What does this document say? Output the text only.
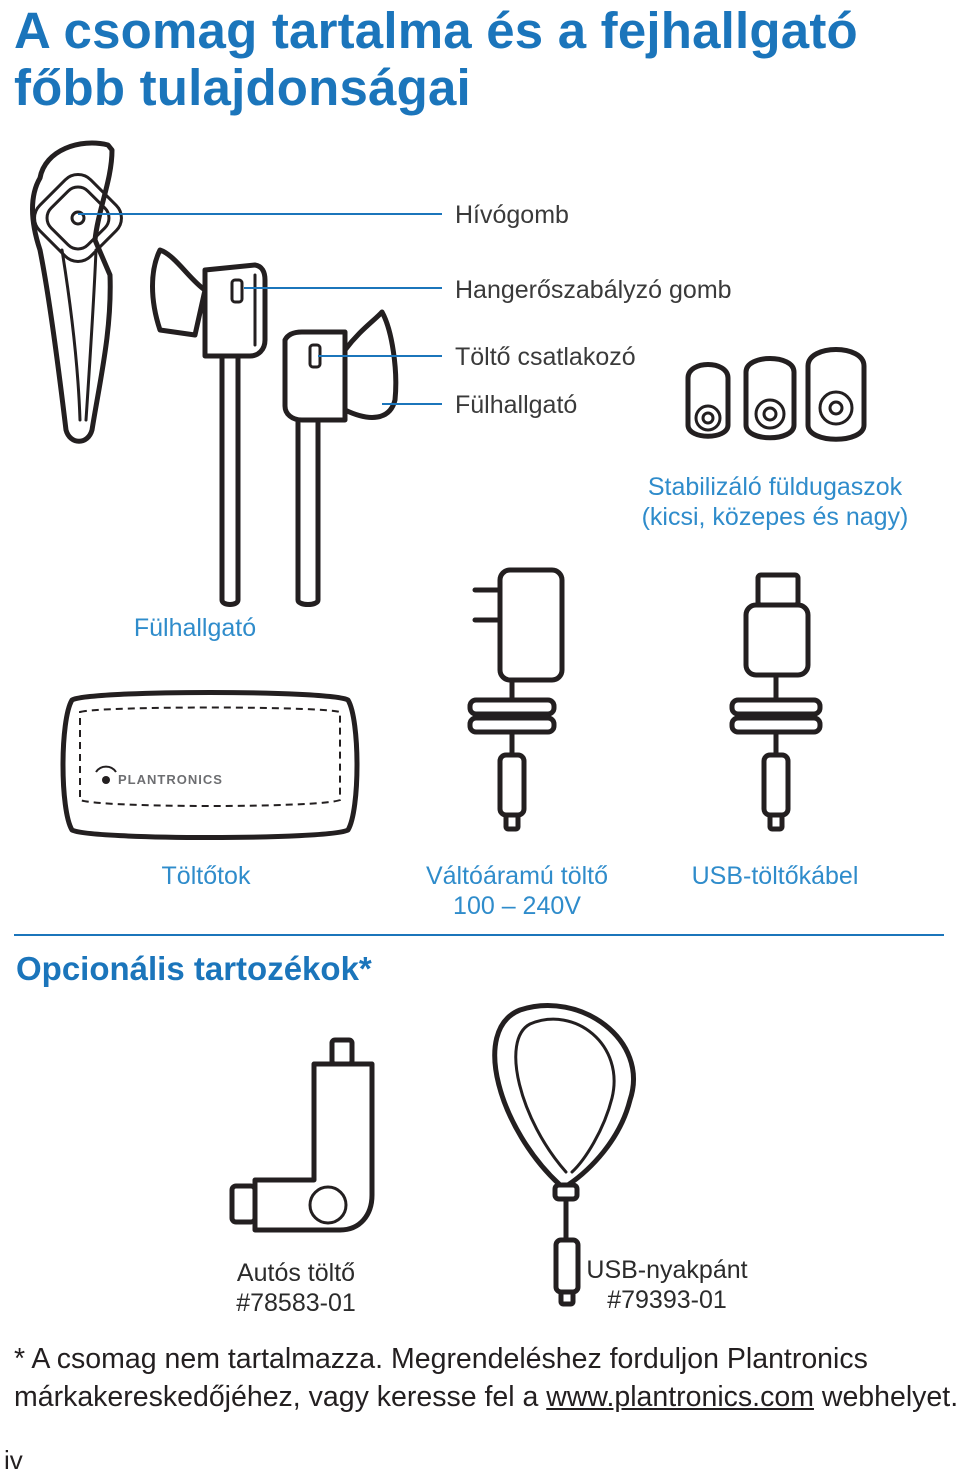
A csomag tartalma és a fejhallgató főbb tulajdonságai
Hívógomb
Hangerőszabályzó gomb
Töltő csatlakozó
Fülhallgató
Stabilizáló füldugaszok
(kicsi, közepes és nagy)
Fülhallgató
PLANTRONICS
Töltőtok	Váltóáramú töltő
100 – 240V
USB-töltőkábel
Opcionális tartozékok*
Autós töltő
#78583-01
USB-nyakpánt
#79393-01
* A csomag nem tartalmazza. Megrendeléshez forduljon Plantronics márkakereskedőjéhez, vagy keresse fel a www.plantronics.com webhelyet.
iv
